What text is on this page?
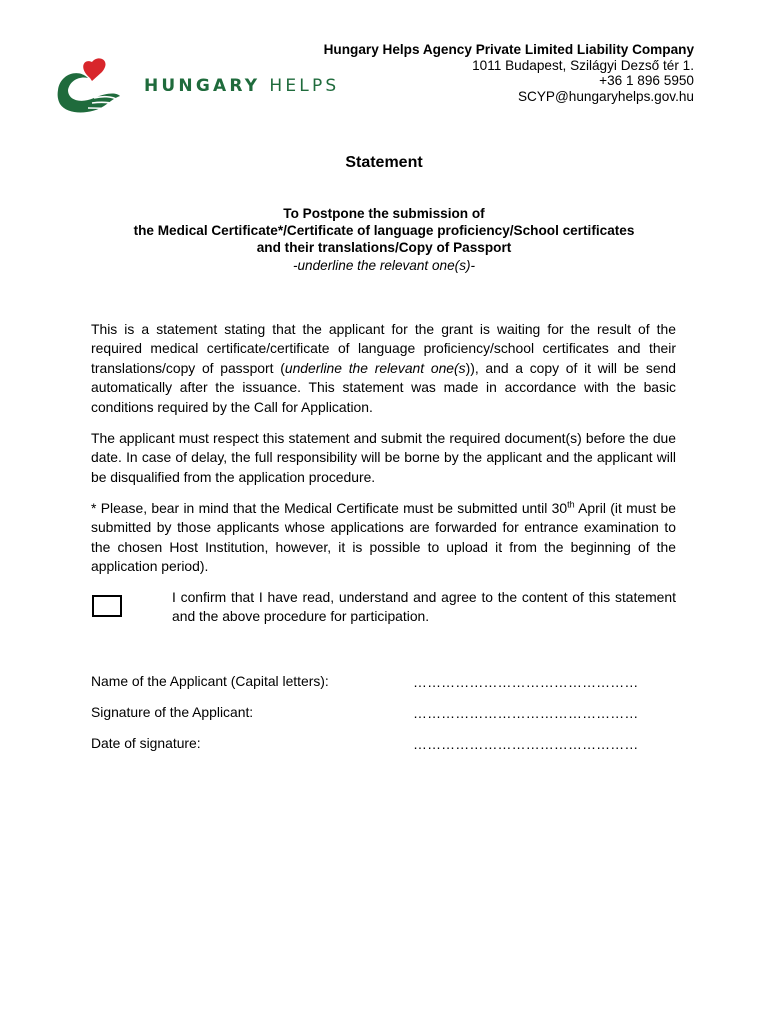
HUNGARY HELPS
Hungary Helps Agency Private Limited Liability Company
1011 Budapest, Szilágyi Dezső tér 1.
+36 1 896 5950
SCYP@hungaryhelps.gov.hu
Statement
To Postpone the submission of
the Medical Certificate*/Certificate of language proficiency/School certificates
and their translations/Copy of Passport
-underline the relevant one(s)-
This is a statement stating that the applicant for the grant is waiting for the result of the required medical certificate/certificate of language proficiency/school certificates and their translations/copy of passport (underline the relevant one(s)), and a copy of it will be send automatically after the issuance. This statement was made in accordance with the basic conditions required by the Call for Application.
The applicant must respect this statement and submit the required document(s) before the due date. In case of delay, the full responsibility will be borne by the applicant and the applicant will be disqualified from the application procedure.
* Please, bear in mind that the Medical Certificate must be submitted until 30th April (it must be submitted by those applicants whose applications are forwarded for entrance examination to the chosen Host Institution, however, it is possible to upload it from the beginning of the application period).
I confirm that I have read, understand and agree to the content of this statement and the above procedure for participation.
Name of the Applicant (Capital letters):
…………………………………………
Signature of the Applicant:
…………………………………………
Date of signature:
…………………………………………
